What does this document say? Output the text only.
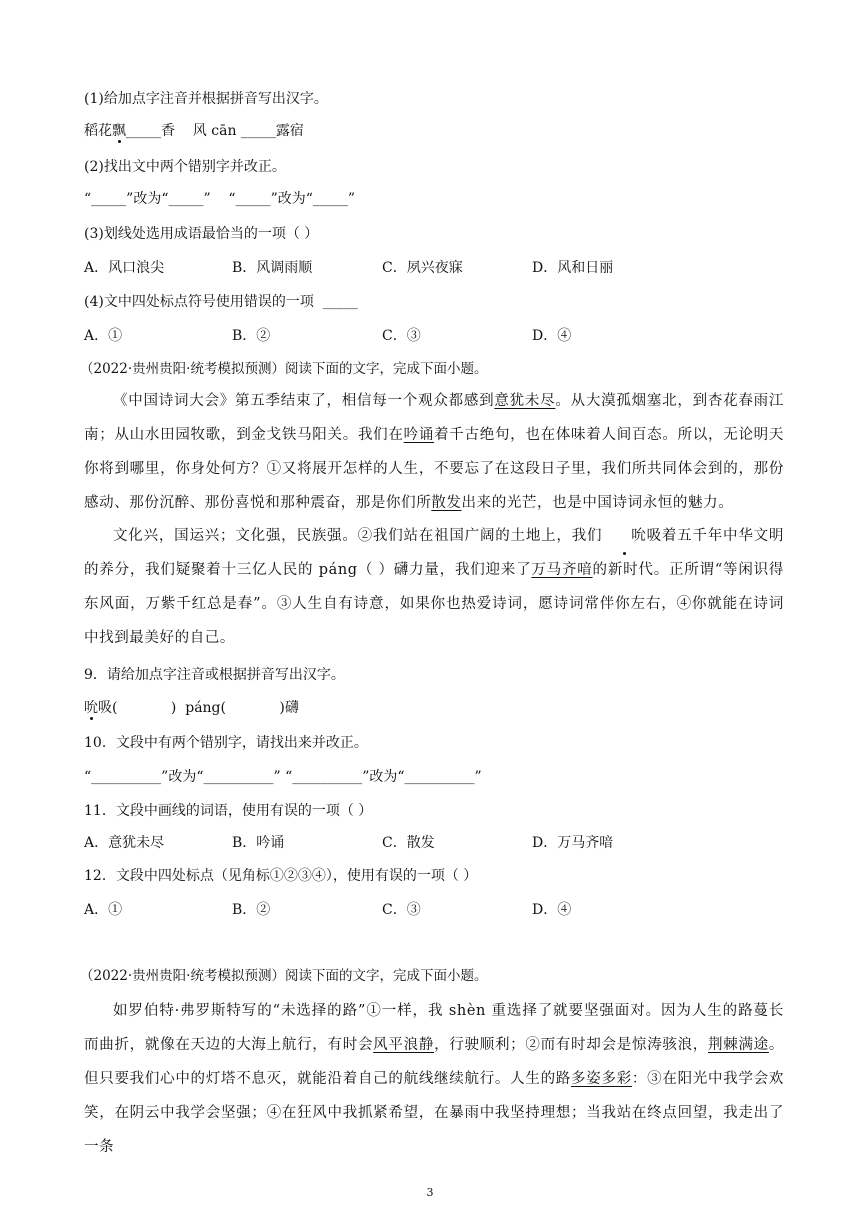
(1)给加点字注音并根据拼音写出汉字。
稻花飘_____香    风 cān _____露宿
(2)找出文中两个错别字并改正。
“_____”改为“_____”    “_____”改为“_____”
(3)划线处选用成语最恰当的一项（ ）
A．风口浪尖	B．风调雨顺	C．夙兴夜寐	D．风和日丽
(4)文中四处标点符号使用错误的一项  _____
A．①	B．②	C．③	D．④
（2022·贵州贵阳·统考模拟预测）阅读下面的文字，完成下面小题。
《中国诗词大会》第五季结束了，相信每一个观众都感到意犹未尽。从大漠孤烟塞北，到杏花春雨江南；从山水田园牧歌，到金戈铁马阳关。我们在吟诵着千古绝句，也在体味着人间百态。所以，无论明天你将到哪里，你身处何方？①又将展开怎样的人生，不要忘了在这段日子里，我们所共同体会到的，那份感动、那份沉醉、那份喜悦和那种震奋，那是你们所散发出来的光芒，也是中国诗词永恒的魅力。
文化兴，国运兴；文化强，民族强。②我们站在祖国广阔的土地上，我们 吮吸着五千年中华文明的养分，我们疑聚着十三亿人民的 páng（ ）礴力量，我们迎来了万马齐喑的新时代。正所谓“等闲识得东风面，万紫千红总是春”。③人生自有诗意，如果你也热爱诗词，愿诗词常伴你左右，④你就能在诗词中找到最美好的自己。
9．请给加点字注音或根据拼音写出汉字。
吮吸(            )  páng(            )礴
10．文段中有两个错别字，请找出来并改正。
“__________”改为“__________” “__________”改为“__________”
11．文段中画线的词语，使用有误的一项（ ）
A．意犹未尽	B．吟诵	C．散发	D．万马齐喑
12．文段中四处标点（见角标①②③④），使用有误的一项（ ）
A．①	B．②	C．③	D．④
（2022·贵州贵阳·统考模拟预测）阅读下面的文字，完成下面小题。
如罗伯特·弗罗斯特写的“未选择的路”①一样，我 shèn 重选择了就要坚强面对。因为人生的路蔓长而曲折，就像在天边的大海上航行，有时会风平浪静，行驶顺利；②而有时却会是惊涛骇浪，荆棘满途。但只要我们心中的灯塔不息灭，就能沿着自己的航线继续航行。人生的路多姿多彩：③在阳光中我学会欢笑，在阴云中我学会坚强；④在狂风中我抓紧希望，在暴雨中我坚持理想；当我站在终点回望，我走出了一条
3
